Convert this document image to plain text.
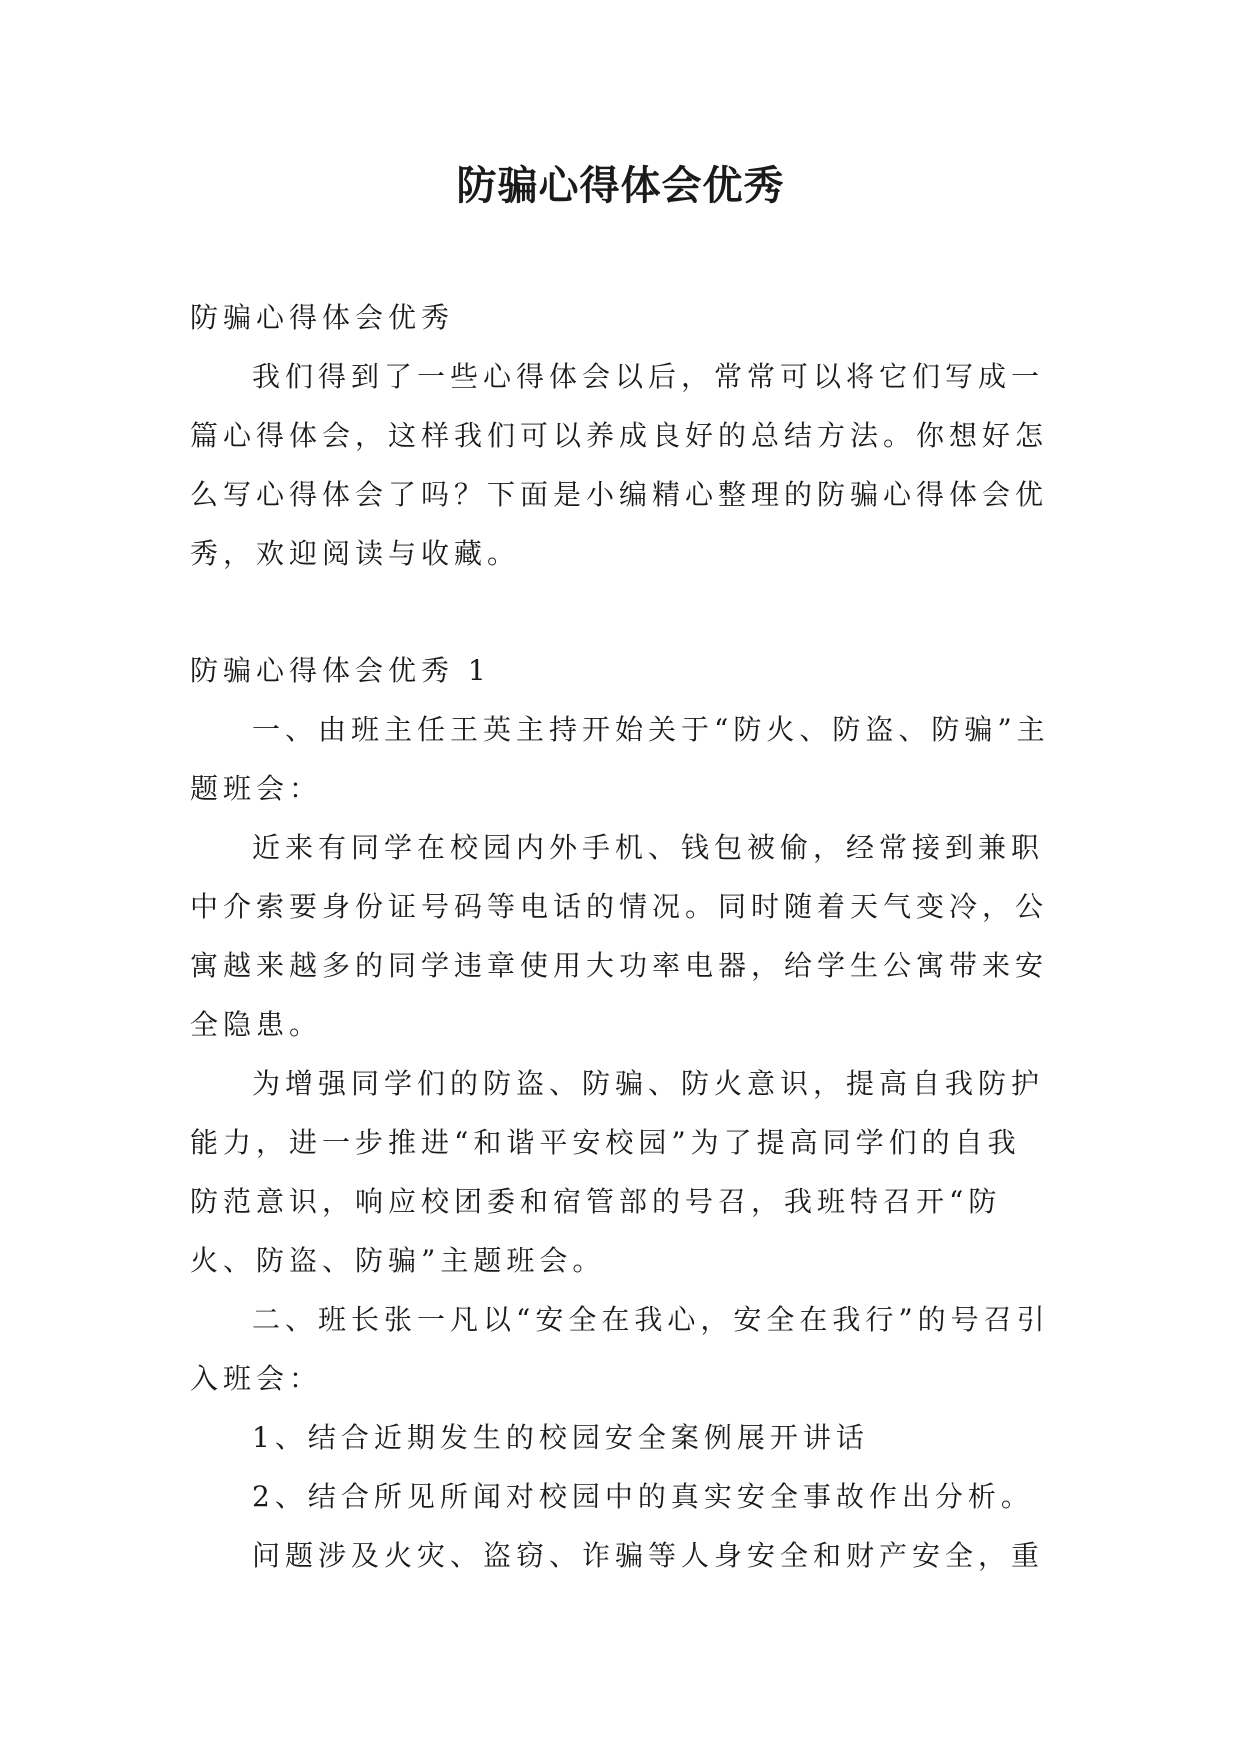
防骗心得体会优秀

防骗心得体会优秀

我们得到了一些心得体会以后，常常可以将它们写成一篇心得体会，这样我们可以养成良好的总结方法。你想好怎么写心得体会了吗？下面是小编精心整理的防骗心得体会优秀，欢迎阅读与收藏。

防骗心得体会优秀 1

一、由班主任王英主持开始关于“防火、防盗、防骗”主题班会：

近来有同学在校园内外手机、钱包被偷，经常接到兼职中介索要身份证号码等电话的情况。同时随着天气变冷，公寓越来越多的同学违章使用大功率电器，给学生公寓带来安全隐患。

为增强同学们的防盗、防骗、防火意识，提高自我防护能力，进一步推进“和谐平安校园”为了提高同学们的自我防范意识，响应校团委和宿管部的号召，我班特召开“防火、防盗、防骗”主题班会。

二、班长张一凡以“安全在我心，安全在我行”的号召引入班会：

1、结合近期发生的校园安全案例展开讲话

2、结合所见所闻对校园中的真实安全事故作出分析。

问题涉及火灾、盗窃、诈骗等人身安全和财产安全，重
